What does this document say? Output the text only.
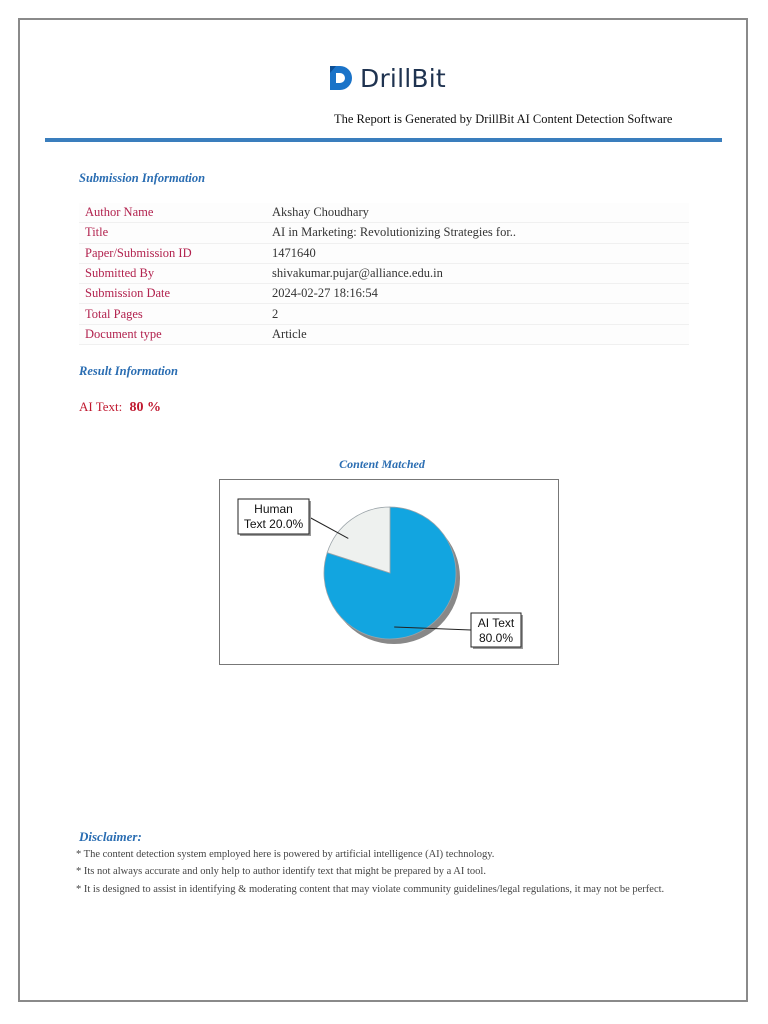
DrillBit
The Report is Generated by DrillBit AI Content Detection Software
Submission Information
Author Name	Akshay Choudhary
Title	AI in Marketing: Revolutionizing Strategies for..
Paper/Submission ID	1471640
Submitted By	shivakumar.pujar@alliance.edu.in
Submission Date	2024-02-27 18:16:54
Total Pages	2
Document type	Article
Result Information
AI Text: 80 %
Content Matched
Human
Text 20.0%
AI Text
80.0%
Disclaimer:
* The content detection system employed here is powered by artificial intelligence (AI) technology.
* Its not always accurate and only help to author identify text that might be prepared by a AI tool.
* It is designed to assist in identifying & moderating content that may violate community guidelines/legal regulations, it may not be perfect.
